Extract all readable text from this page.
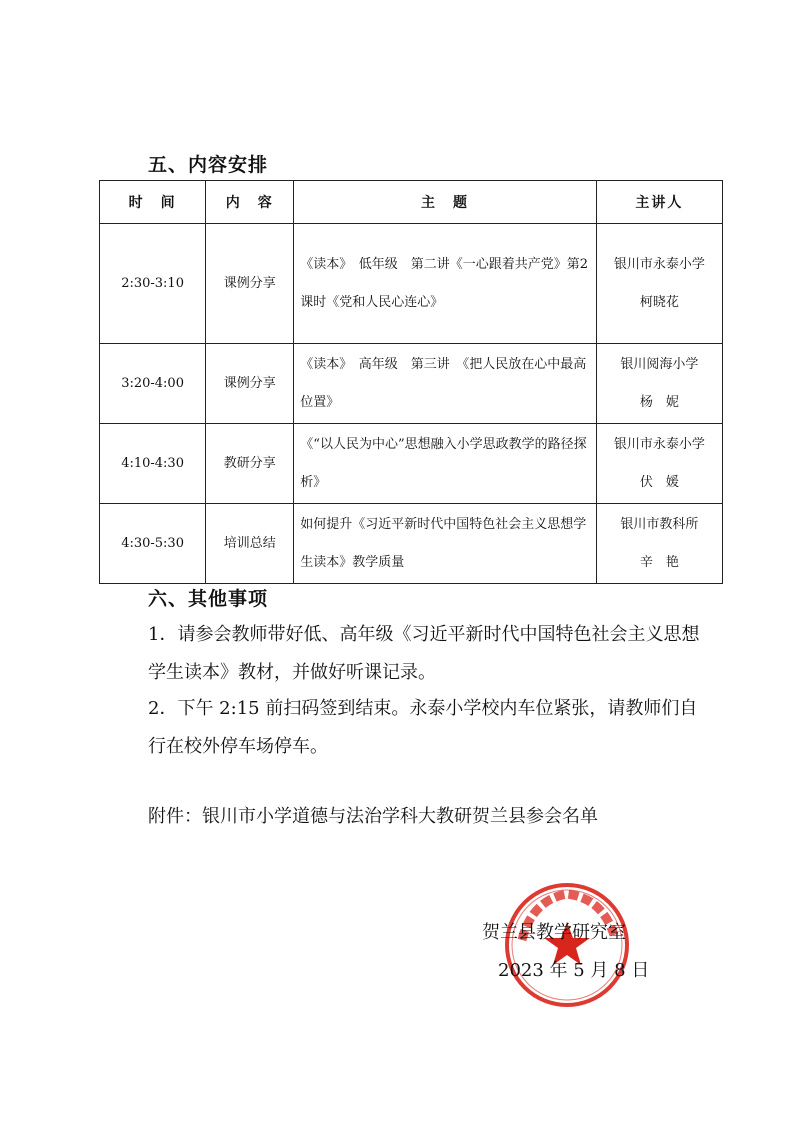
五、内容安排
时　间	内　容	主　题	主讲人
2:30-3:10	课例分享	《读本》　低年级　第二讲《一心跟着共产党》第2课时《党和人民心连心》	银川市永泰小学
柯晓花

3:20-4:00	课例分享	《读本》　高年级　第三讲　《把人民放在心中最高位置》	银川阅海小学
杨　妮

4:10-4:30	教研分享	《“以人民为中心”思想融入小学思政教学的路径探析》	银川市永泰小学
伏　媛

4:30-5:30	培训总结	如何提升《习近平新时代中国特色社会主义思想学生读本》教学质量	银川市教科所
辛　艳
六、其他事项
1．请参会教师带好低、高年级《习近平新时代中国特色社会主义思想学生读本》教材，并做好听课记录。
2．下午 2:15 前扫码签到结束。永泰小学校内车位紧张，请教师们自行在校外停车场停车。
附件：银川市小学道德与法治学科大教研贺兰县参会名单
贺兰县教学研究室
2023 年 5 月 8 日
